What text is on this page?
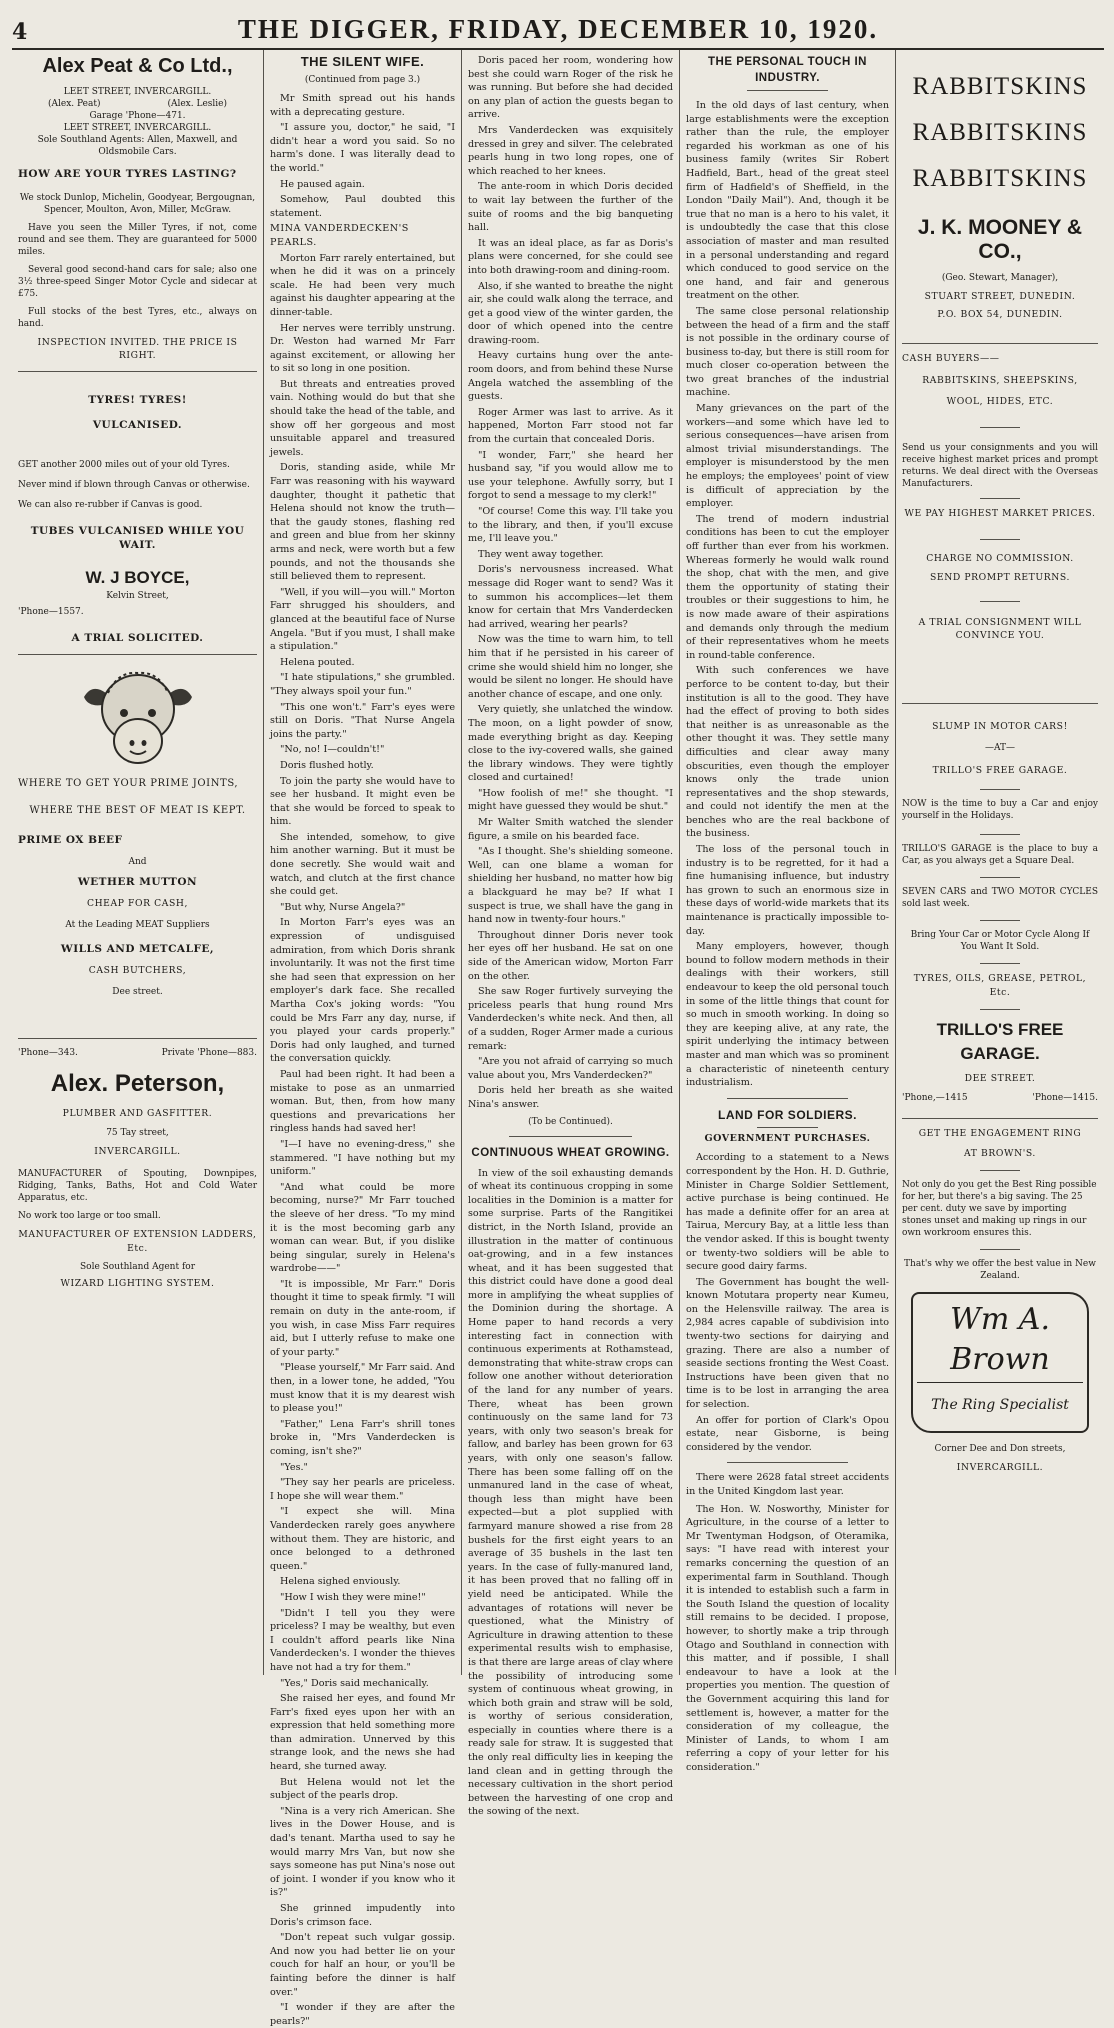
4	THE DIGGER, FRIDAY, DECEMBER 10, 1920.
Alex Peat & Co Ltd.,
LEET STREET, INVERCARGILL.
(Alex. Peat)	(Alex. Leslie)
Garage 'Phone—471.
LEET STREET, INVERCARGILL.
Sole Southland Agents: Allen, Maxwell, and Oldsmobile Cars.
HOW ARE YOUR TYRES LASTING?

We stock Dunlop, Michelin, Goodyear, Bergougnan, Spencer, Moulton, Avon, Miller, McGraw.

Have you seen the Miller Tyres, if not, come round and see them. They are guaranteed for 5000 miles.

Several good second-hand cars for sale; also one 3½ three-speed Singer Motor Cycle and sidecar at £75.

Full stocks of the best Tyres, etc., always on hand.

INSPECTION INVITED. THE PRICE IS RIGHT.
TYRES! TYRES!
VULCANISED.

GET another 2000 miles out of your old Tyres.

Never mind if blown through Canvas or otherwise.

We can also re-rubber if Canvas is good.

TUBES VULCANISED WHILE YOU WAIT.
W. J BOYCE,
Kelvin Street,
'Phone—1557.
A TRIAL SOLICITED.
WHERE TO GET YOUR PRIME JOINTS,
WHERE THE BEST OF MEAT IS KEPT.
PRIME OX BEEF
And
WETHER MUTTON
CHEAP FOR CASH,
At the Leading MEAT Suppliers
WILLS AND METCALFE,
CASH BUTCHERS,
Dee street.
'Phone—343.	Private 'Phone—883.
Alex. Peterson,
PLUMBER AND GASFITTER.
75 Tay street,
INVERCARGILL.

MANUFACTURER of Spouting, Downpipes, Ridging, Tanks, Baths, Hot and Cold Water Apparatus, etc.

No work too large or too small.
MANUFACTURER OF EXTENSION LADDERS, Etc.
Sole Southland Agent for
WIZARD LIGHTING SYSTEM.
THE SILENT WIFE.
(Continued from page 3.)

Mr Smith spread out his hands with a deprecating gesture.

"I assure you, doctor," he said, "I didn't hear a word you said. So no harm's done. I was literally dead to the world."

He paused again.

Somehow, Paul doubted this statement.

MINA VANDERDECKEN'S PEARLS.

Morton Farr rarely entertained, but when he did it was on a princely scale. He had been very much against his daughter appearing at the dinner-table.

Her nerves were terribly unstrung. Dr. Weston had warned Mr Farr against excitement, or allowing her to sit so long in one position.

But threats and entreaties proved vain. Nothing would do but that she should take the head of the table, and show off her gorgeous and most unsuitable apparel and treasured jewels.

Doris, standing aside, while Mr Farr was reasoning with his wayward daughter, thought it pathetic that Helena should not know the truth—that the gaudy stones, flashing red and green and blue from her skinny arms and neck, were worth but a few pounds, and not the thousands she still believed them to represent.

"Well, if you will—you will." Morton Farr shrugged his shoulders, and glanced at the beautiful face of Nurse Angela. "But if you must, I shall make a stipulation."

Helena pouted.

"I hate stipulations," she grumbled. "They always spoil your fun."

"This one won't." Farr's eyes were still on Doris. "That Nurse Angela joins the party."

"No, no! I—couldn't!"

Doris flushed hotly.

To join the party she would have to see her husband. It might even be that she would be forced to speak to him.

She intended, somehow, to give him another warning. But it must be done secretly. She would wait and watch, and clutch at the first chance she could get.

"But why, Nurse Angela?"

In Morton Farr's eyes was an expression of undisguised admiration, from which Doris shrank involuntarily. It was not the first time she had seen that expression on her employer's dark face. She recalled Martha Cox's joking words: "You could be Mrs Farr any day, nurse, if you played your cards properly." Doris had only laughed, and turned the conversation quickly.

Paul had been right. It had been a mistake to pose as an unmarried woman. But, then, from how many questions and prevarications her ringless hands had saved her!

"I—I have no evening-dress," she stammered. "I have nothing but my uniform."

"And what could be more becoming, nurse?" Mr Farr touched the sleeve of her dress. "To my mind it is the most becoming garb any woman can wear. But, if you dislike being singular, surely in Helena's wardrobe——"

"It is impossible, Mr Farr." Doris thought it time to speak firmly. "I will remain on duty in the ante-room, if you wish, in case Miss Farr requires aid, but I utterly refuse to make one of your party."

"Please yourself," Mr Farr said. And then, in a lower tone, he added, "You must know that it is my dearest wish to please you!"

"Father," Lena Farr's shrill tones broke in, "Mrs Vanderdecken is coming, isn't she?"

"Yes."

"They say her pearls are priceless. I hope she will wear them."

"I expect she will. Mina Vanderdecken rarely goes anywhere without them. They are historic, and once belonged to a dethroned queen."

Helena sighed enviously.

"How I wish they were mine!"

"Didn't I tell you they were priceless? I may be wealthy, but even I couldn't afford pearls like Nina Vanderdecken's. I wonder the thieves have not had a try for them."

"Yes," Doris said mechanically.

She raised her eyes, and found Mr Farr's fixed eyes upon her with an expression that held something more than admiration. Unnerved by this strange look, and the news she had heard, she turned away.

But Helena would not let the subject of the pearls drop.

"Nina is a very rich American. She lives in the Dower House, and is dad's tenant. Martha used to say he would marry Mrs Van, but now she says someone has put Nina's nose out of joint. I wonder if you know who it is?"

She grinned impudently into Doris's crimson face.

"Don't repeat such vulgar gossip. And now you had better lie on your couch for half an hour, or you'll be fainting before the dinner is half over."

"I wonder if they are after the pearls?"

Doris paced her room, wondering how best she could warn Roger of the risk he was running. But before she had decided on any plan of action the guests began to arrive.

Mrs Vanderdecken was exquisitely dressed in grey and silver. The celebrated pearls hung in two long ropes, one of which reached to her knees.

The ante-room in which Doris decided to wait lay between the further of the suite of rooms and the big banqueting hall.

It was an ideal place, as far as Doris's plans were concerned, for she could see into both drawing-room and dining-room.

Also, if she wanted to breathe the night air, she could walk along the terrace, and get a good view of the winter garden, the door of which opened into the centre drawing-room.

Heavy curtains hung over the ante-room doors, and from behind these Nurse Angela watched the assembling of the guests.

Roger Armer was last to arrive. As it happened, Morton Farr stood not far from the curtain that concealed Doris.

"I wonder, Farr," she heard her husband say, "if you would allow me to use your telephone. Awfully sorry, but I forgot to send a message to my clerk!"

"Of course! Come this way. I'll take you to the library, and then, if you'll excuse me, I'll leave you."

They went away together.

Doris's nervousness increased. What message did Roger want to send? Was it to summon his accomplices—let them know for certain that Mrs Vanderdecken had arrived, wearing her pearls?

Now was the time to warn him, to tell him that if he persisted in his career of crime she would shield him no longer, she would be silent no longer. He should have another chance of escape, and one only.

Very quietly, she unlatched the window. The moon, on a light powder of snow, made everything bright as day. Keeping close to the ivy-covered walls, she gained the library windows. They were tightly closed and curtained!

"How foolish of me!" she thought. "I might have guessed they would be shut."

Mr Walter Smith watched the slender figure, a smile on his bearded face.

"As I thought. She's shielding someone. Well, can one blame a woman for shielding her husband, no matter how big a blackguard he may be? If what I suspect is true, we shall have the gang in hand now in twenty-four hours."

Throughout dinner Doris never took her eyes off her husband. He sat on one side of the American widow, Morton Farr on the other.

She saw Roger furtively surveying the priceless pearls that hung round Mrs Vanderdecken's white neck. And then, all of a sudden, Roger Armer made a curious remark:

"Are you not afraid of carrying so much value about you, Mrs Vanderdecken?"

Doris held her breath as she waited Nina's answer.

(To be Continued).
CONTINUOUS WHEAT GROWING.

In view of the soil exhausting demands of wheat its continuous cropping in some localities in the Dominion is a matter for some surprise. Parts of the Rangitikei district, in the North Island, provide an illustration in the matter of continuous oat-growing, and in a few instances wheat, and it has been suggested that this district could have done a good deal more in amplifying the wheat supplies of the Dominion during the shortage. A Home paper to hand records a very interesting fact in connection with continuous experiments at Rothamstead, demonstrating that white-straw crops can follow one another without deterioration of the land for any number of years. There, wheat has been grown continuously on the same land for 73 years, with only two season's break for fallow, and barley has been grown for 63 years, with only one season's fallow. There has been some falling off on the unmanured land in the case of wheat, though less than might have been expected—but a plot supplied with farmyard manure showed a rise from 28 bushels for the first eight years to an average of 35 bushels in the last ten years. In the case of fully-manured land, it has been proved that no falling off in yield need be anticipated. While the advantages of rotations will never be questioned, what the Ministry of Agriculture in drawing attention to these experimental results wish to emphasise, is that there are large areas of clay where the possibility of introducing some system of continuous wheat growing, in which both grain and straw will be sold, is worthy of serious consideration, especially in counties where there is a ready sale for straw. It is suggested that the only real difficulty lies in keeping the land clean and in getting through the necessary cultivation in the short period between the harvesting of one crop and the sowing of the next.

THE PERSONAL TOUCH IN INDUSTRY.

In the old days of last century, when large establishments were the exception rather than the rule, the employer regarded his workman as one of his business family (writes Sir Robert Hadfield, Bart., head of the great steel firm of Hadfield's of Sheffield, in the London "Daily Mail"). And, though it be true that no man is a hero to his valet, it is undoubtedly the case that this close association of master and man resulted in a personal understanding and regard which conduced to good service on the one hand, and fair and generous treatment on the other.

The same close personal relationship between the head of a firm and the staff is not possible in the ordinary course of business to-day, but there is still room for much closer co-operation between the two great branches of the industrial machine.

Many grievances on the part of the workers—and some which have led to serious consequences—have arisen from almost trivial misunderstandings. The employer is misunderstood by the men he employs; the employees' point of view is difficult of appreciation by the employer.

The trend of modern industrial conditions has been to cut the employer off further than ever from his workmen. Whereas formerly he would walk round the shop, chat with the men, and give them the opportunity of stating their troubles or their suggestions to him, he is now made aware of their aspirations and demands only through the medium of their representatives whom he meets in round-table conference.

With such conferences we have perforce to be content to-day, but their institution is all to the good. They have had the effect of proving to both sides that neither is as unreasonable as the other thought it was. They settle many difficulties and clear away many obscurities, even though the employer knows only the trade union representatives and the shop stewards, and could not identify the men at the benches who are the real backbone of the business.

The loss of the personal touch in industry is to be regretted, for it had a fine humanising influence, but industry has grown to such an enormous size in these days of world-wide markets that its maintenance is practically impossible to-day.

Many employers, however, though bound to follow modern methods in their dealings with their workers, still endeavour to keep the old personal touch in some of the little things that count for so much in smooth working. In doing so they are keeping alive, at any rate, the spirit underlying the intimacy between master and man which was so prominent a characteristic of nineteenth century industrialism.

LAND FOR SOLDIERS.
GOVERNMENT PURCHASES.

According to a statement to a News correspondent by the Hon. H. D. Guthrie, Minister in Charge Soldier Settlement, active purchase is being continued. He has made a definite offer for an area at Tairua, Mercury Bay, at a little less than the vendor asked. If this is bought twenty or twenty-two soldiers will be able to secure good dairy farms.

The Government has bought the well-known Motutara property near Kumeu, on the Helensville railway. The area is 2,984 acres capable of subdivision into twenty-two sections for dairying and grazing. There are also a number of seaside sections fronting the West Coast. Instructions have been given that no time is to be lost in arranging the area for selection.

An offer for portion of Clark's Opou estate, near Gisborne, is being considered by the vendor.

There were 2628 fatal street accidents in the United Kingdom last year.

The Hon. W. Nosworthy, Minister for Agriculture, in the course of a letter to Mr Twentyman Hodgson, of Oteramika, says: "I have read with interest your remarks concerning the question of an experimental farm in Southland. Though it is intended to establish such a farm in the South Island the question of locality still remains to be decided. I propose, however, to shortly make a trip through Otago and Southland in connection with this matter, and if possible, I shall endeavour to have a look at the properties you mention. The question of the Government acquiring this land for settlement is, however, a matter for the consideration of my colleague, the Minister of Lands, to whom I am referring a copy of your letter for his consideration."

RABBITSKINS
RABBITSKINS
RABBITSKINS
J. K. MOONEY & CO.,
(Geo. Stewart, Manager),
STUART STREET, DUNEDIN.
P.O. BOX 54, DUNEDIN.
CASH BUYERS——
RABBITSKINS, SHEEPSKINS,
WOOL, HIDES, ETC.

Send us your consignments and you will receive highest market prices and prompt returns. We deal direct with the Overseas Manufacturers.

WE PAY HIGHEST MARKET PRICES.
CHARGE NO COMMISSION.
SEND PROMPT RETURNS.
A TRIAL CONSIGNMENT WILL CONVINCE YOU.
SLUMP IN MOTOR CARS!
—AT—
TRILLO'S FREE GARAGE.

NOW is the time to buy a Car and enjoy yourself in the Holidays.

TRILLO'S GARAGE is the place to buy a Car, as you always get a Square Deal.

SEVEN CARS and TWO MOTOR CYCLES sold last week.

Bring Your Car or Motor Cycle Along If You Want It Sold.
TYRES, OILS, GREASE, PETROL, Etc.
TRILLO'S FREE GARAGE.
DEE STREET.
'Phone,—1415	'Phone—1415.
GET THE ENGAGEMENT RING
AT BROWN'S.

Not only do you get the Best Ring possible for her, but there's a big saving. The 25 per cent. duty we save by importing stones unset and making up rings in our own workroom ensures this.

That's why we offer the best value in New Zealand.
Wm A. Brown
The Ring Specialist
Corner Dee and Don streets,
INVERCARGILL.
